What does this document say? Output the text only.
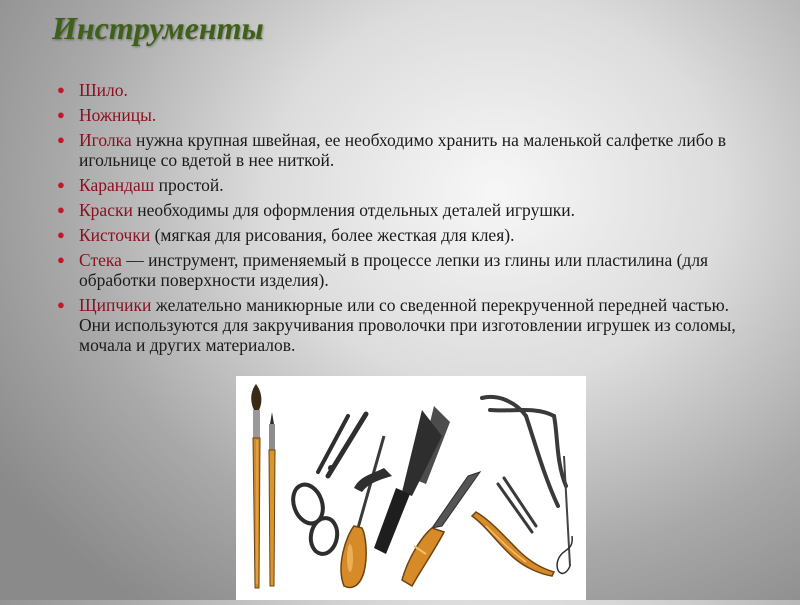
Инструменты
● Шило.
● Ножницы.
● Иголка нужна крупная швейная, ее необходимо хранить на маленькой салфетке либо в игольнице со вдетой в нее ниткой.
● Карандаш простой.
● Краски необходимы для оформления отдельных деталей игрушки.
● Кисточки (мягкая для рисования, более жесткая для клея).
● Стека — инструмент, применяемый в процессе лепки из глины или пластилина (для обработки поверхности изделия).
● Щипчики желательно маникюрные или со сведенной перекрученной передней частью. Они используются для закручивания проволочки при изготовлении игрушек из соломы, мочала и других материалов.
